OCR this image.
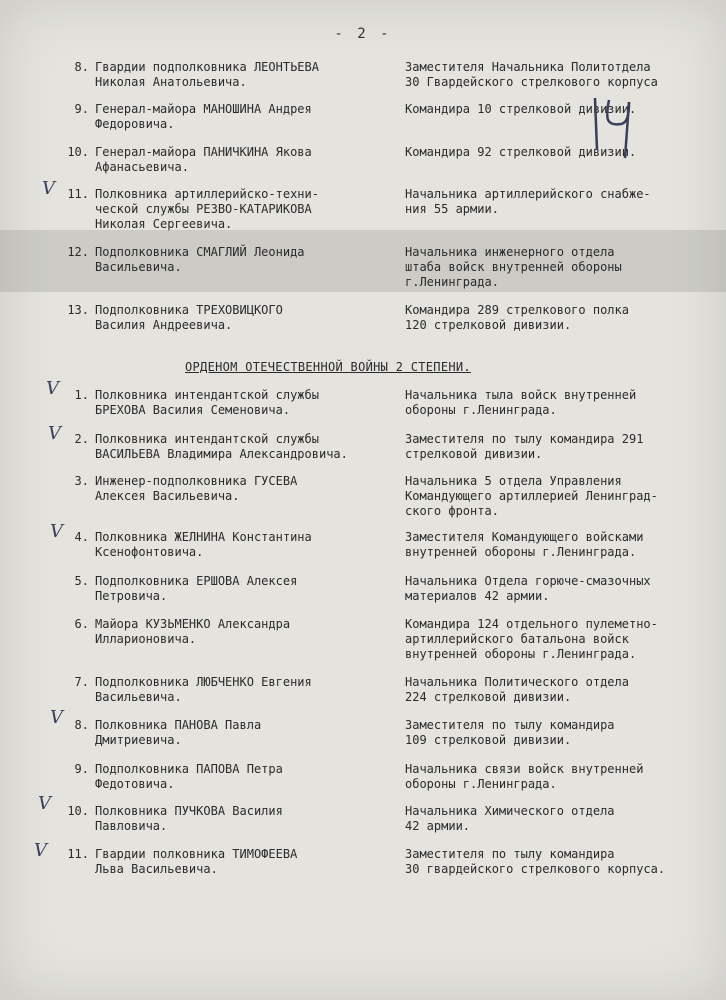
- 2 -
8. Гвардии подполковника ЛЕОНТЬЕВА
Николая Анатольевича.
Заместителя Начальника Политотдела
30 Гвардейского стрелкового корпуса
9. Генерал-майора МАНОШИНА Андрея
Федоровича.
Командира 10 стрелковой дивизии.
10. Генерал-майора ПАНИЧКИНА Якова
Афанасьевича.
Командира 92 стрелковой дивизии.
11. Полковника артиллерийско-техни-
ческой службы РЕЗВО-КАТАРИКОВА
Николая Сергеевича.
Начальника артиллерийского снабже-
ния 55 армии.
12. Подполковника СМАГЛИЙ Леонида
Васильевича.
Начальника инженерного отдела
штаба войск внутренней обороны
г.Ленинграда.
13. Подполковника ТРЕХОВИЦКОГО
Василия Андреевича.
Командира 289 стрелкового полка
120 стрелковой дивизии.
ОРДЕНОМ ОТЕЧЕСТВЕННОЙ ВОЙНЫ 2 СТЕПЕНИ.
1. Полковника интендантской службы
БРЕХОВА Василия Семеновича.
Начальника тыла войск внутренней
обороны г.Ленинграда.
2. Полковника интендантской службы
ВАСИЛЬЕВА Владимира Александровича.
Заместителя по тылу командира 291
стрелковой дивизии.
3. Инженер-подполковника ГУСЕВА
Алексея Васильевича.
Начальника 5 отдела Управления
Командующего артиллерией Ленинград-
ского фронта.
4. Полковника ЖЕЛНИНА Константина
Ксенофонтовича.
Заместителя Командующего войсками
внутренней обороны г.Ленинграда.
5. Подполковника ЕРШОВА Алексея
Петровича.
Начальника Отдела горюче-смазочных
материалов 42 армии.
6. Майора КУЗЬМЕНКО Александра
Илларионовича.
Командира 124 отдельного пулеметно-
артиллерийского батальона войск
внутренней обороны г.Ленинграда.
7. Подполковника ЛЮБЧЕНКО Евгения
Васильевича.
Начальника Политического отдела
224 стрелковой дивизии.
8. Полковника ПАНОВА Павла
Дмитриевича.
Заместителя по тылу командира
109 стрелковой дивизии.
9. Подполковника ПАПОВА Петра
Федотовича.
Начальника связи войск внутренней
обороны г.Ленинграда.
10. Полковника ПУЧКОВА Василия
Павловича.
Начальника Химического отдела
42 армии.
11. Гвардии полковника ТИМОФЕЕВА
Льва Васильевича.
Заместителя по тылу командира
30 гвардейского стрелкового корпуса.
V
V
V
V
V
V
V
